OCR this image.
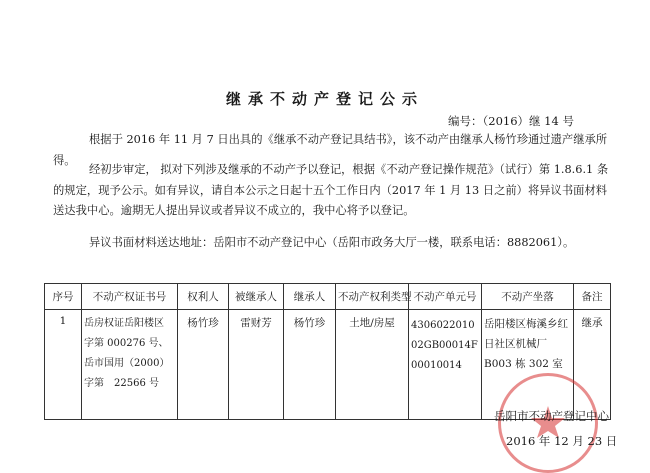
继承不动产登记公示
编号：（2016）继 14 号
根据于 2016 年 11 月 7 日出具的《继承不动产登记具结书》，该不动产由继承人杨竹珍通过遗产继承所得。
经初步审定， 拟对下列涉及继承的不动产予以登记，根据《不动产登记操作规范》（试行）第 1.8.6.1 条的规定，现予公示。如有异议，请自本公示之日起十五个工作日内（2017 年 1 月 13 日之前）将异议书面材料送达我中心。逾期无人提出异议或者异议不成立的，我中心将予以登记。
异议书面材料送达地址：岳阳市不动产登记中心（岳阳市政务大厅一楼，联系电话：8882061）。
序号	不动产权证书号	权利人	被继承人	继承人	不动产权利类型	不动产单元号	不动产坐落	备注
1	岳房权证岳阳楼区
字第 000276 号、
岳市国用（2000）
字第　22566 号	杨竹珍	雷财芳	杨竹珍	土地/房屋	430602201002GB00014F00010014	岳阳楼区梅溪乡红日社区机械厂 B003 栋 302 室	继承
岳阳市不动产登记中心
2016 年 12 月 23 日
